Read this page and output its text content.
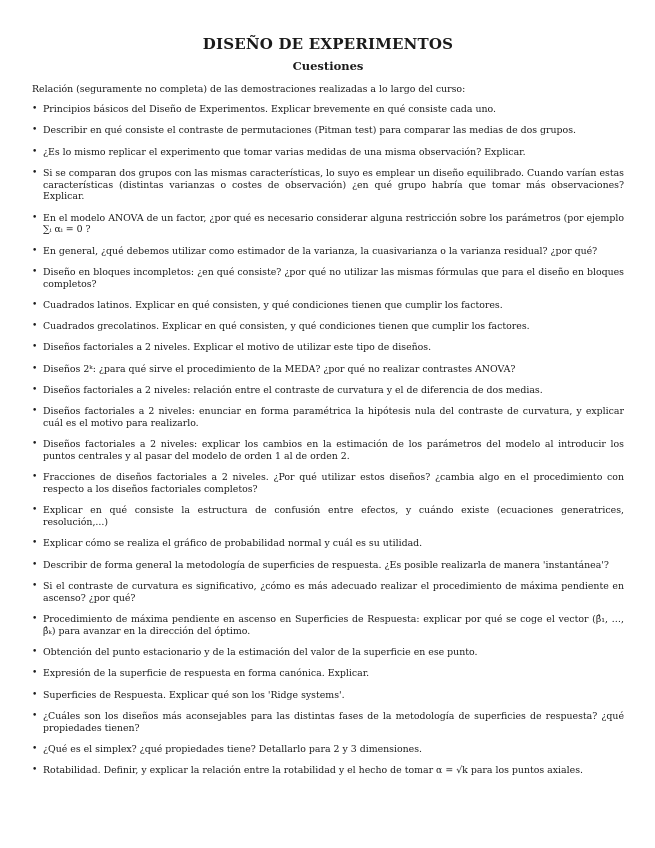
DISEÑO DE EXPERIMENTOS
Cuestiones

Relación (seguramente no completa) de las demostraciones realizadas a lo largo del curso:

• Principios básicos del Diseño de Experimentos. Explicar brevemente en qué consiste cada uno.
• Describir en qué consiste el contraste de permutaciones (Pitman test) para comparar las medias de dos grupos.
• ¿Es lo mismo replicar el experimento que tomar varias medidas de una misma observación? Explicar.
• Si se comparan dos grupos con las mismas características, lo suyo es emplear un diseño equilibrado. Cuando varían estas características (distintas varianzas o costes de observación) ¿en qué grupo habría que tomar más observaciones? Explicar.
• En el modelo ANOVA de un factor, ¿por qué es necesario considerar alguna restricción sobre los parámetros (por ejemplo ∑ᵢ αᵢ = 0 ?
• En general, ¿qué debemos utilizar como estimador de la varianza, la cuasivarianza o la varianza residual? ¿por qué?
• Diseño en bloques incompletos: ¿en qué consiste? ¿por qué no utilizar las mismas fórmulas que para el diseño en bloques completos?
• Cuadrados latinos. Explicar en qué consisten, y qué condiciones tienen que cumplir los factores.
• Cuadrados grecolatinos. Explicar en qué consisten, y qué condiciones tienen que cumplir los factores.
• Diseños factoriales a 2 niveles. Explicar el motivo de utilizar este tipo de diseños.
• Diseños 2ᵏ: ¿para qué sirve el procedimiento de la MEDA? ¿por qué no realizar contrastes ANOVA?
• Diseños factoriales a 2 niveles: relación entre el contraste de curvatura y el de diferencia de dos medias.
• Diseños factoriales a 2 niveles: enunciar en forma paramétrica la hipótesis nula del contraste de curvatura, y explicar cuál es el motivo para realizarlo.
• Diseños factoriales a 2 niveles: explicar los cambios en la estimación de los parámetros del modelo al introducir los puntos centrales y al pasar del modelo de orden 1 al de orden 2.
• Fracciones de diseños factoriales a 2 niveles. ¿Por qué utilizar estos diseños? ¿cambia algo en el procedimiento con respecto a los diseños factoriales completos?
• Explicar en qué consiste la estructura de confusión entre efectos, y cuándo existe (ecuaciones generatrices, resolución,...)
• Explicar cómo se realiza el gráfico de probabilidad normal y cuál es su utilidad.
• Describir de forma general la metodología de superficies de respuesta. ¿Es posible realizarla de manera 'instantánea'?
• Si el contraste de curvatura es significativo, ¿cómo es más adecuado realizar el procedimiento de máxima pendiente en ascenso? ¿por qué?
• Procedimiento de máxima pendiente en ascenso en Superficies de Respuesta: explicar por qué se coge el vector (β̂₁, …, β̂ₖ) para avanzar en la dirección del óptimo.
• Obtención del punto estacionario y de la estimación del valor de la superficie en ese punto.
• Expresión de la superficie de respuesta en forma canónica. Explicar.
• Superficies de Respuesta. Explicar qué son los 'Ridge systems'.
• ¿Cuáles son los diseños más aconsejables para las distintas fases de la metodología de superficies de respuesta? ¿qué propiedades tienen?
• ¿Qué es el simplex? ¿qué propiedades tiene? Detallarlo para 2 y 3 dimensiones.
• Rotabilidad. Definir, y explicar la relación entre la rotabilidad y el hecho de tomar α = √k para los puntos axiales.
